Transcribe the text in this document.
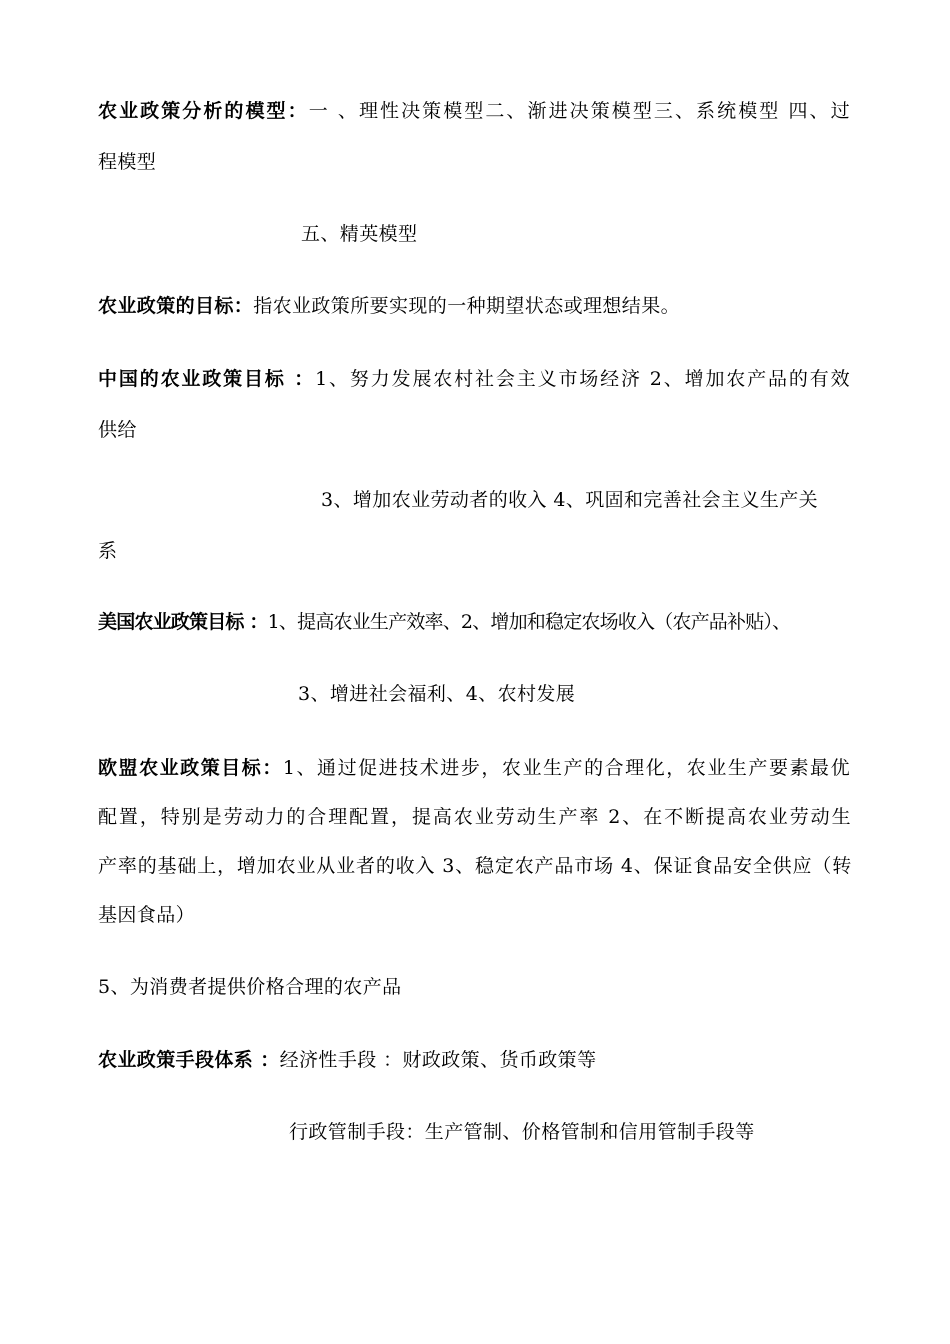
农业政策分析的模型：一 、理性决策模型二、渐进决策模型三、系统模型 四、过
程模型
五、精英模型
农业政策的目标：指农业政策所要实现的一种期望状态或理想结果。
中国的农业政策目标 ：1、努力发展农村社会主义市场经济 2、增加农产品的有效
供给
3、增加农业劳动者的收入 4、巩固和完善社会主义生产关
系
美国农业政策目标 ：1、提高农业生产效率、2、增加和稳定农场收入（农产品补贴）、
3、增进社会福利、4、农村发展
欧盟农业政策目标：1、通过促进技术进步，农业生产的合理化，农业生产要素最优
配置，特别是劳动力的合理配置，提高农业劳动生产率 2、在不断提高农业劳动生
产率的基础上，增加农业从业者的收入 3、稳定农产品市场 4、保证食品安全供应（转
基因食品）
5、为消费者提供价格合理的农产品
农业政策手段体系 ：经济性手段 ：财政政策、货币政策等
行政管制手段：生产管制、价格管制和信用管制手段等
